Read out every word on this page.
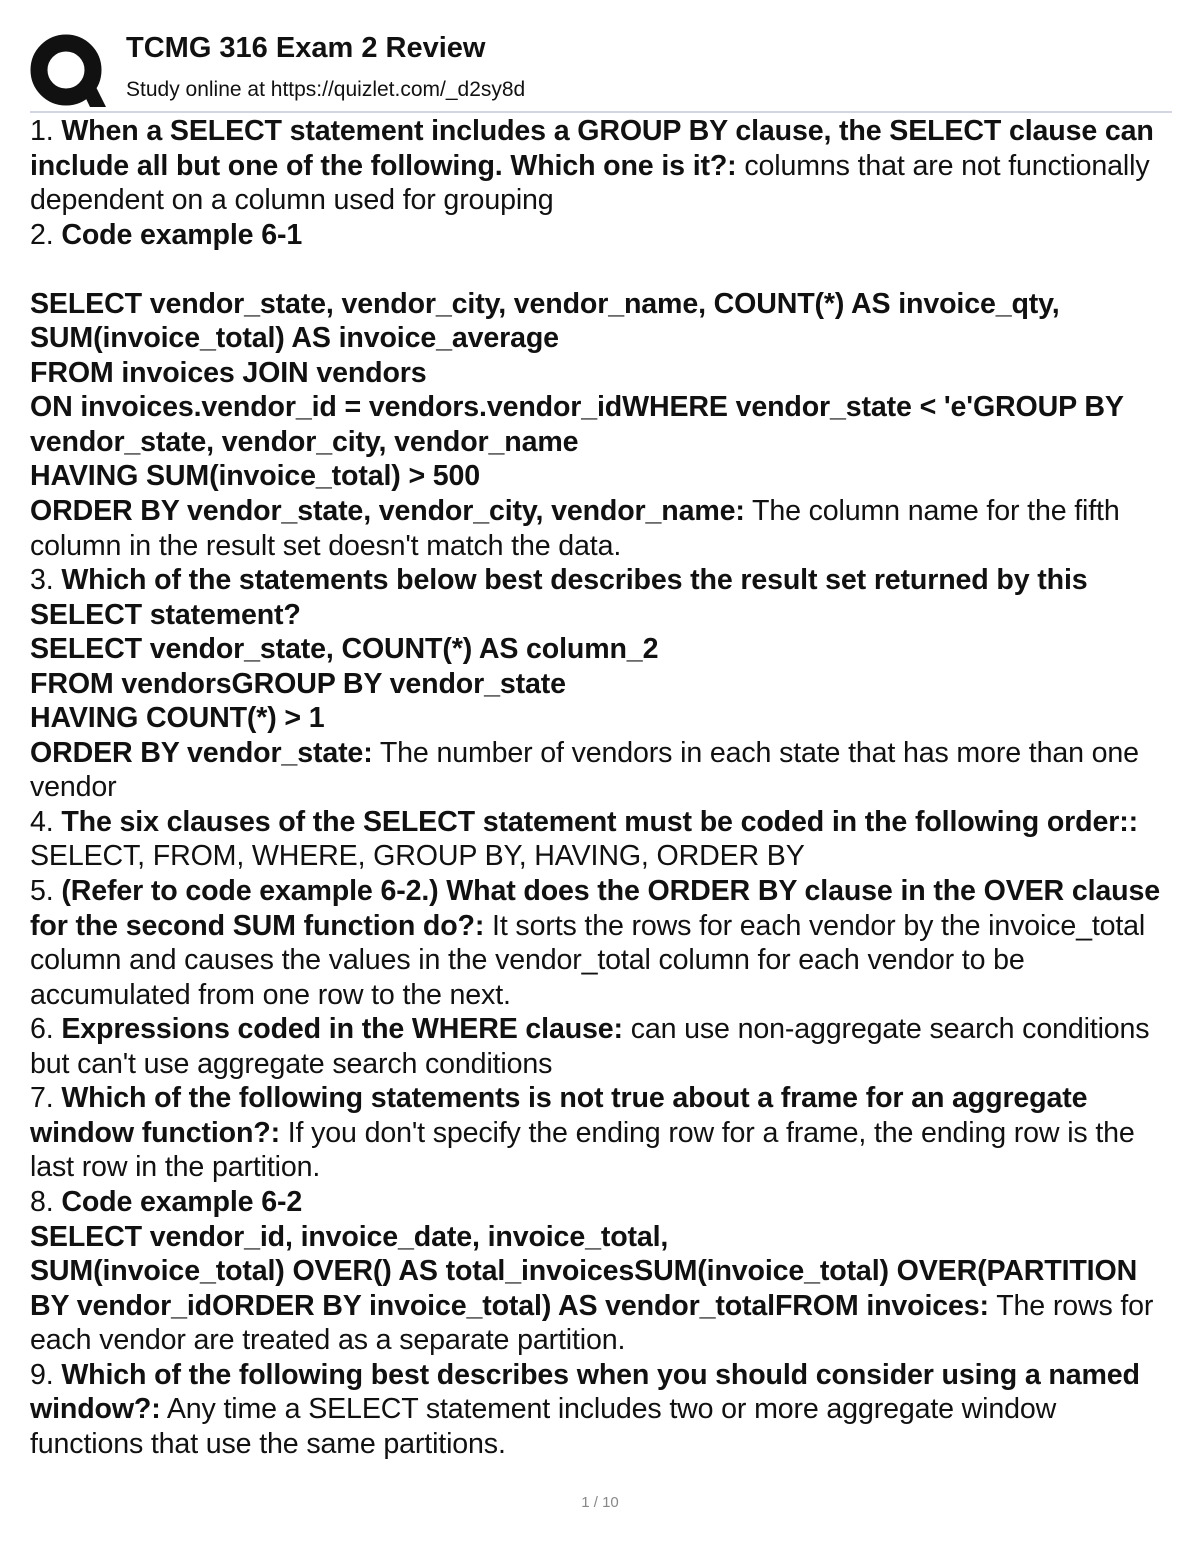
TCMG 316 Exam 2 Review
Study online at https://quizlet.com/_d2sy8d
1. When a SELECT statement includes a GROUP BY clause, the SELECT clause can include all but one of the following. Which one is it?: columns that are not functionally dependent on a column used for grouping
2. Code example 6-1

SELECT vendor_state, vendor_city, vendor_name, COUNT(*) AS invoice_qty, SUM(invoice_total) AS invoice_average
FROM invoices JOIN vendors
ON invoices.vendor_id = vendors.vendor_idWHERE vendor_state < 'e'GROUP BY vendor_state, vendor_city, vendor_name
HAVING SUM(invoice_total) > 500
ORDER BY vendor_state, vendor_city, vendor_name: The column name for the fifth column in the result set doesn't match the data.
3. Which of the statements below best describes the result set returned by this SELECT statement?
SELECT vendor_state, COUNT(*) AS column_2
FROM vendorsGROUP BY vendor_state
HAVING COUNT(*) > 1
ORDER BY vendor_state: The number of vendors in each state that has more than one vendor
4. The six clauses of the SELECT statement must be coded in the following order:: SELECT, FROM, WHERE, GROUP BY, HAVING, ORDER BY
5. (Refer to code example 6-2.) What does the ORDER BY clause in the OVER clause for the second SUM function do?: It sorts the rows for each vendor by the invoice_total column and causes the values in the vendor_total column for each vendor to be accumulated from one row to the next.
6. Expressions coded in the WHERE clause: can use non-aggregate search conditions but can't use aggregate search conditions
7. Which of the following statements is not true about a frame for an aggregate window function?: If you don't specify the ending row for a frame, the ending row is the last row in the partition.
8. Code example 6-2
SELECT vendor_id, invoice_date, invoice_total,
SUM(invoice_total) OVER() AS total_invoicesSUM(invoice_total) OVER(PARTITION BY vendor_idORDER BY invoice_total) AS vendor_totalFROM invoices: The rows for each vendor are treated as a separate partition.
9. Which of the following best describes when you should consider using a named window?: Any time a SELECT statement includes two or more aggregate window functions that use the same partitions.
1 / 10
